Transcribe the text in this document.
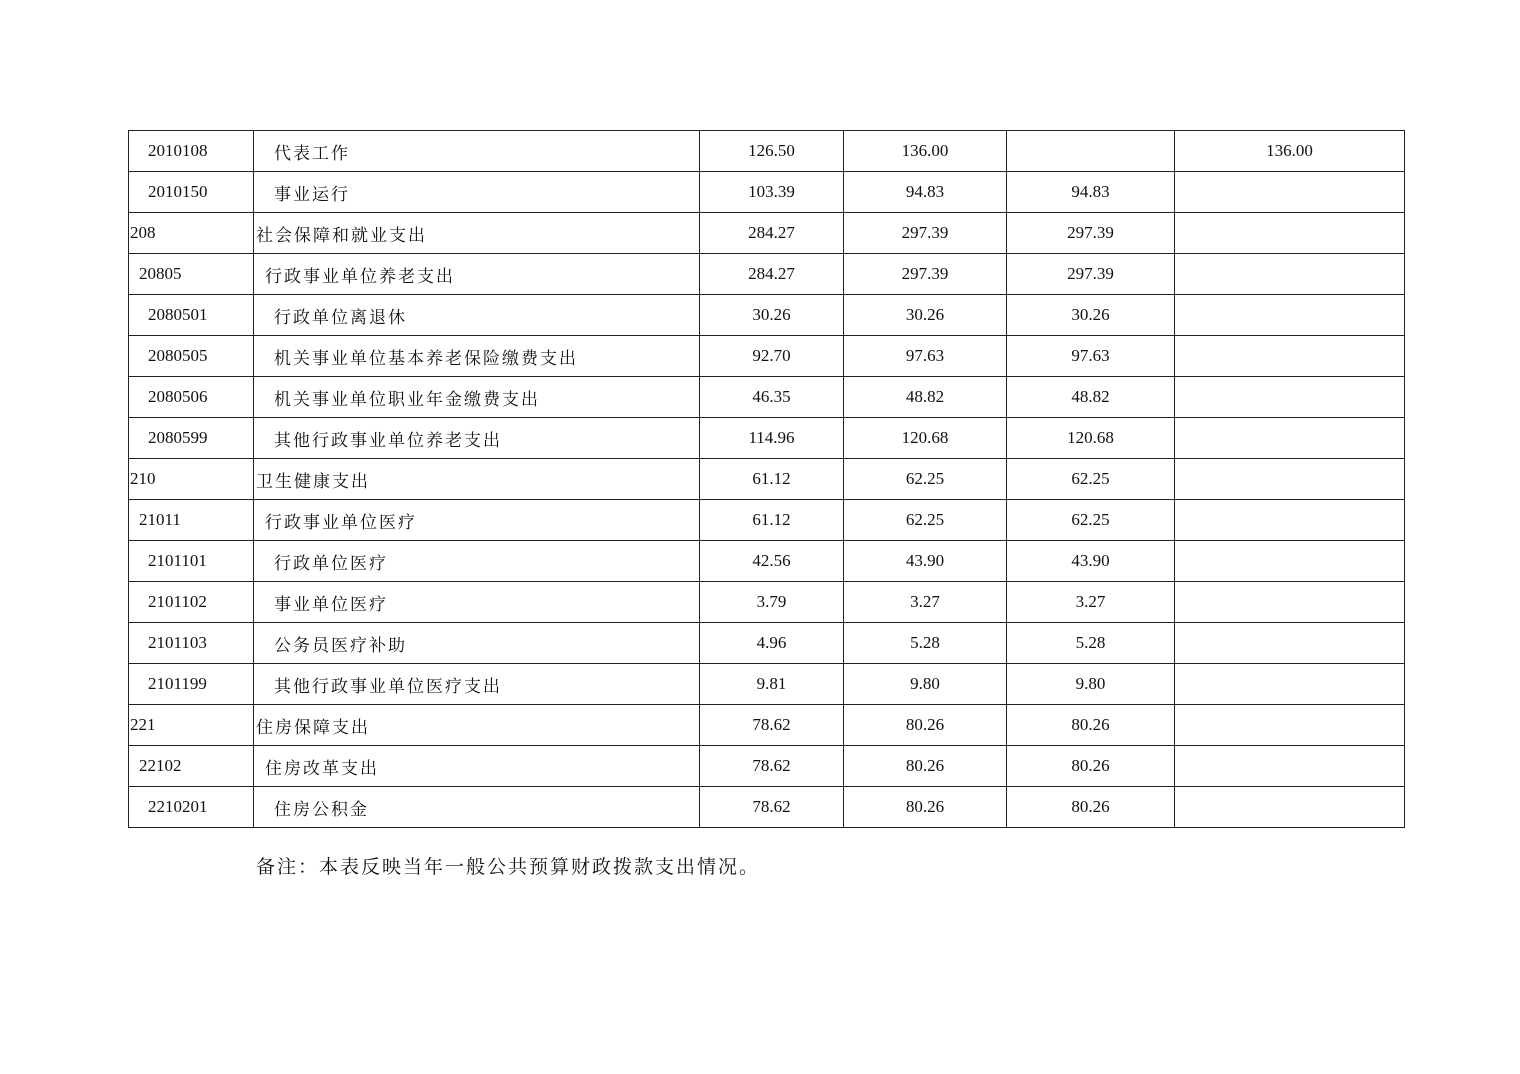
2010108	代表工作	126.50	136.00		136.00
2010150	事业运行	103.39	94.83	94.83	
208	社会保障和就业支出	284.27	297.39	297.39	
20805	行政事业单位养老支出	284.27	297.39	297.39	
2080501	行政单位离退休	30.26	30.26	30.26	
2080505	机关事业单位基本养老保险缴费支出	92.70	97.63	97.63	
2080506	机关事业单位职业年金缴费支出	46.35	48.82	48.82	
2080599	其他行政事业单位养老支出	114.96	120.68	120.68	
210	卫生健康支出	61.12	62.25	62.25	
21011	行政事业单位医疗	61.12	62.25	62.25	
2101101	行政单位医疗	42.56	43.90	43.90	
2101102	事业单位医疗	3.79	3.27	3.27	
2101103	公务员医疗补助	4.96	5.28	5.28	
2101199	其他行政事业单位医疗支出	9.81	9.80	9.80	
221	住房保障支出	78.62	80.26	80.26	
22102	住房改革支出	78.62	80.26	80.26	
2210201	住房公积金	78.62	80.26	80.26	
备注：本表反映当年一般公共预算财政拨款支出情况。
